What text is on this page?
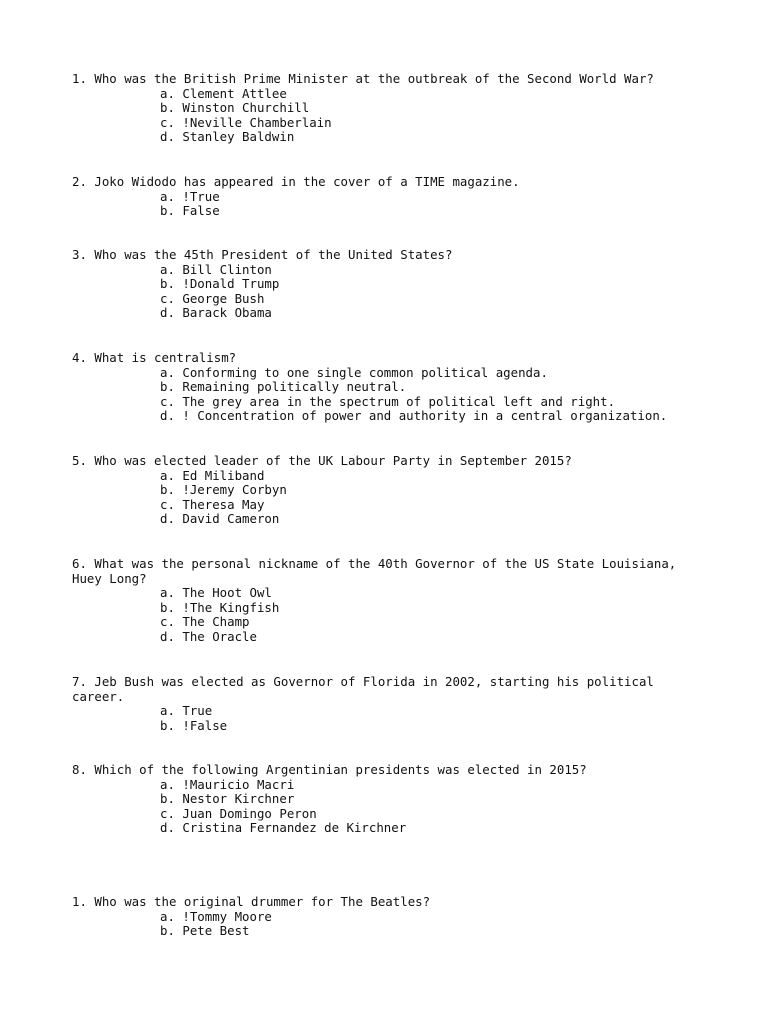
1. Who was the British Prime Minister at the outbreak of the Second World War?

a. Clement Attlee
b. Winston Churchill
c. !Neville Chamberlain
d. Stanley Baldwin

2. Joko Widodo has appeared in the cover of a TIME magazine.

a. !True
b. False

3. Who was the 45th President of the United States?

a. Bill Clinton
b. !Donald Trump
c. George Bush
d. Barack Obama

4. What is centralism?

a. Conforming to one single common political agenda.
b. Remaining politically neutral.
c. The grey area in the spectrum of political left and right.
d. ! Concentration of power and authority in a central organization.

5. Who was elected leader of the UK Labour Party in September 2015?

a. Ed Miliband
b. !Jeremy Corbyn
c. Theresa May
d. David Cameron

6. What was the personal nickname of the 40th Governor of the US State Louisiana, Huey Long?

a. The Hoot Owl
b. !The Kingfish
c. The Champ
d. The Oracle

7. Jeb Bush was elected as Governor of Florida in 2002, starting his political career.

a. True
b. !False

8. Which of the following Argentinian presidents was elected in 2015?

a. !Mauricio Macri
b. Nestor Kirchner
c. Juan Domingo Peron
d. Cristina Fernandez de Kirchner

1. Who was the original drummer for The Beatles?

a. !Tommy Moore
b. Pete Best
